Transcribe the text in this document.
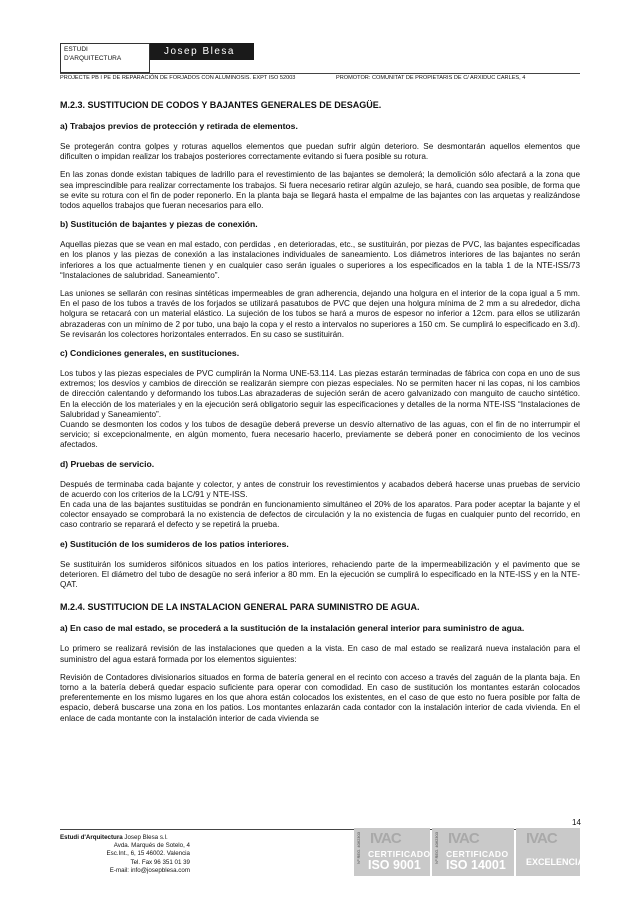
ESTUDI D'ARQUITECTURA
Josep Blesa
PROJECTE PB I PE DE REPARACIÓN DE FORJADOS CON ALUMINOSIS. EXPT ISO 52003	PROMOTOR: COMUNITAT DE PROPIETARIS DE C/ ARXIDUC CARLES, 4
M.2.3. SUSTITUCION DE CODOS Y BAJANTES GENERALES DE DESAGÜE.
a) Trabajos previos de protección y retirada de elementos.

Se protegerán contra golpes y roturas aquellos elementos que puedan sufrir algún deterioro. Se desmontarán aquellos elementos que dificulten o impidan realizar los trabajos posteriores correctamente evitando si fuera posible su rotura.

En las zonas donde existan tabiques de ladrillo para el revestimiento de las bajantes se demolerá; la demolición sólo afectará a la zona que sea imprescindible para realizar correctamente los trabajos. Si fuera necesario retirar algún azulejo, se hará, cuando sea posible, de forma que se evite su rotura con el fin de poder reponerlo. En la planta baja se llegará hasta el empalme de las bajantes con las arquetas y realizándose todos aquellos trabajos que fueran necesarios para ello.

b) Sustitución de bajantes y piezas de conexión.

Aquellas piezas que se vean en mal estado, con perdidas , en deterioradas, etc., se sustituirán, por piezas de PVC, las bajantes especificadas en los planos y las piezas de conexión a las instalaciones individuales de saneamiento. Los diámetros interiores de las bajantes no serán inferiores a los que actualmente tienen y en cualquier caso serán iguales o superiores a los especificados en la tabla 1 de la NTE-ISS/73 “Instalaciones de salubridad. Saneamiento”.

Las uniones se sellarán con resinas sintéticas impermeables de gran adherencia, dejando una holgura en el interior de la copa igual a 5 mm. En el paso de los tubos a través de los forjados se utilizará pasatubos de PVC que dejen una holgura mínima de 2 mm a su alrededor, dicha holgura se retacará con un material elástico. La sujeción de los tubos se hará a muros de espesor no inferior a 12cm. para ellos se utilizarán abrazaderas con un mínimo de 2 por tubo, una bajo la copa y el resto a intervalos no superiores a 150 cm. Se cumplirá lo especificado en 3.d). Se revisarán los colectores horizontales enterrados. En su caso se sustituirán.

c) Condiciones generales, en sustituciones.

Los tubos y las piezas especiales de PVC cumplirán la Norma UNE-53.114. Las piezas estarán terminadas de fábrica con copa en uno de sus extremos; los desvíos y cambios de dirección se realizarán siempre con piezas especiales. No se permiten hacer ni las copas, ni los cambios de dirección calentando y deformando los tubos.Las abrazaderas de sujeción serán de acero galvanizado con manguito de caucho sintético. En la elección de los materiales y en la ejecución será obligatorio seguir las especificaciones y detalles de la norma NTE-ISS “Instalaciones de Salubridad y Saneamiento”.

Cuando se desmonten los codos y los tubos de desagüe deberá preverse un desvío alternativo de las aguas, con el fin de no interrumpir el servicio; si excepcionalmente, en algún momento, fuera necesario hacerlo, previamente se deberá poner en conocimiento de los vecinos afectados.

d) Pruebas de servicio.

Después de terminaba cada bajante y colector, y antes de construir los revestimientos y acabados deberá hacerse unas pruebas de servicio de acuerdo con los criterios de la LC/91 y NTE-ISS.

En cada una de las bajantes sustituidas se pondrán en funcionamiento simultáneo el 20% de los aparatos. Para poder aceptar la bajante y el colector ensayado se comprobará la no existencia de defectos de circulación y la no existencia de fugas en cualquier punto del recorrido, en caso contrario se reparará el defecto y se repetirá la prueba.

e) Sustitución de los sumideros de los patios interiores.

Se sustituirán los sumideros sifónicos situados en los patios interiores, rehaciendo parte de la impermeabilización y el pavimento que se deterioren. El diámetro del tubo de desagüe no será inferior a 80 mm. En la ejecución se cumplirá lo especificado en la NTE-ISS y en la NTE-QAT.

M.2.4. SUSTITUCION DE LA INSTALACION GENERAL PARA SUMINISTRO DE AGUA.
a) En caso de mal estado, se procederá a la sustitución de la instalación general interior para suministro de agua.

Lo primero se realizará revisión de las instalaciones que queden a la vista. En caso de mal estado se realizará nueva instalación para el suministro del agua estará formada por los elementos siguientes:

Revisión de Contadores divisionarios situados en forma de batería general en el recinto con acceso a través del zaguán de la planta baja. En torno a la batería deberá quedar espacio suficiente para operar con comodidad. En caso de sustitución los montantes estarán colocados preferentemente en los mismo lugares en los que ahora están colocados los existentes, en el caso de que esto no fuera posible por falta de espacio, deberá buscarse una zona en los patios. Los montantes enlazarán cada contador con la instalación interior de cada vivienda. En el enlace de cada montante con la instalación interior de cada vivienda se

14
Estudi d'Arquitectura Josep Blesa s.l.
Avda. Marqués de Sotelo, 4
Esc.Int., 6, 15 46002. Valencia
Tel. Fax 96 351 01 39
E-mail: info@josepblesa.com
Nº REG. 4062303 IVAC
CERTIFICADO
ISO 9001
Nº REG. 4062303 IVAC
CERTIFICADO
ISO 14001
IVAC
EXCELENCIA
